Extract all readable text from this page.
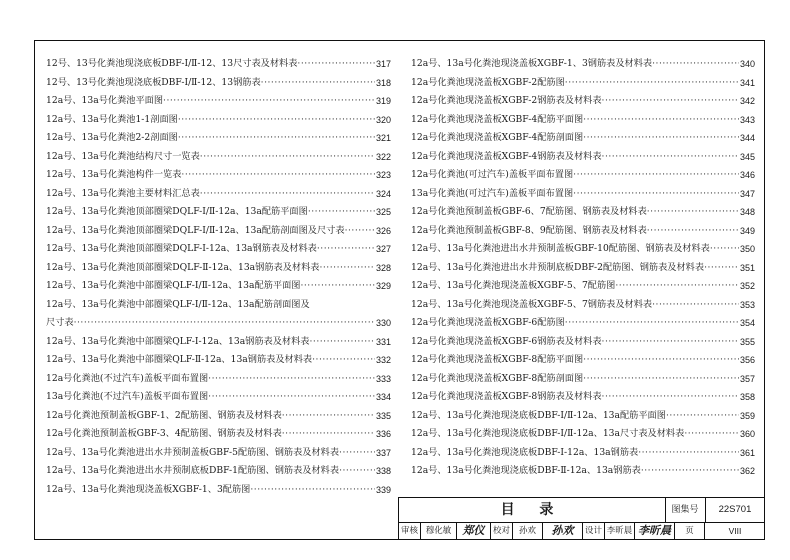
12号、13号化粪池现浇底板DBF-Ⅰ/Ⅱ-12、13尺寸表及材料表 ·····	317
12号、13号化粪池现浇底板DBF-Ⅰ/Ⅱ-12、13钢筋表 ·····	318
12a号、13a号化粪池平面图 ·····	319
12a号、13a号化粪池1-1剖面图 ·····	320
12a号、13a号化粪池2-2剖面图 ·····	321
12a号、13a号化粪池结构尺寸一览表 ·····	322
12a号、13a号化粪池构件一览表 ·····	323
12a号、13a号化粪池主要材料汇总表 ·····	324
12a号、13a号化粪池顶部圈梁DQLF-Ⅰ/Ⅱ-12a、13a配筋平面图 ·····	325
12a号、13a号化粪池顶部圈梁DQLF-Ⅰ/Ⅱ-12a、13a配筋剖面图及尺寸表 ·····	326
12a号、13a号化粪池顶部圈梁DQLF-Ⅰ-12a、13a钢筋表及材料表 ·····	327
12a号、13a号化粪池顶部圈梁DQLF-Ⅱ-12a、13a钢筋表及材料表 ·····	328
12a号、13a号化粪池中部圈梁QLF-Ⅰ/Ⅱ-12a、13a配筋平面图 ·····	329
12a号、13a号化粪池中部圈梁QLF-Ⅰ/Ⅱ-12a、13a配筋剖面图及
尺寸表 ·····	330
12a号、13a号化粪池中部圈梁QLF-Ⅰ-12a、13a钢筋表及材料表 ·····	331
12a号、13a号化粪池中部圈梁QLF-Ⅱ-12a、13a钢筋表及材料表 ·····	332
12a号化粪池(不过汽车)盖板平面布置图 ·····	333
13a号化粪池(不过汽车)盖板平面布置图 ·····	334
12a号化粪池预制盖板GBF-1、2配筋图、钢筋表及材料表 ·····	335
12a号化粪池预制盖板GBF-3、4配筋图、钢筋表及材料表 ·····	336
12a号、13a号化粪池进出水井预制盖板GBF-5配筋图、钢筋表及材料表 ·····	337
12a号、13a号化粪池进出水井预制底板DBF-1配筋图、钢筋表及材料表 ·····	338
12a号、13a号化粪池现浇盖板XGBF-1、3配筋图 ·····	339
12a号、13a号化粪池现浇盖板XGBF-1、3钢筋表及材料表 ·····	340
12a号化粪池现浇盖板XGBF-2配筋图 ·····	341
12a号化粪池现浇盖板XGBF-2钢筋表及材料表 ·····	342
12a号化粪池现浇盖板XGBF-4配筋平面图 ·····	343
12a号化粪池现浇盖板XGBF-4配筋剖面图 ·····	344
12a号化粪池现浇盖板XGBF-4钢筋表及材料表 ·····	345
12a号化粪池(可过汽车)盖板平面布置图 ·····	346
13a号化粪池(可过汽车)盖板平面布置图 ·····	347
12a号化粪池预制盖板GBF-6、7配筋图、钢筋表及材料表 ·····	348
12a号化粪池预制盖板GBF-8、9配筋图、钢筋表及材料表 ·····	349
12a号、13a号化粪池进出水井预制盖板GBF-10配筋图、钢筋表及材料表 ·····	350
12a号、13a号化粪池进出水井预制底板DBF-2配筋图、钢筋表及材料表 ·····	351
12a号、13a号化粪池现浇盖板XGBF-5、7配筋图 ·····	352
12a号、13a号化粪池现浇盖板XGBF-5、7钢筋表及材料表 ·····	353
12a号化粪池现浇盖板XGBF-6配筋图 ·····	354
12a号化粪池现浇盖板XGBF-6钢筋表及材料表 ·····	355
12a号化粪池现浇盖板XGBF-8配筋平面图 ·····	356
12a号化粪池现浇盖板XGBF-8配筋剖面图 ·····	357
12a号化粪池现浇盖板XGBF-8钢筋表及材料表 ·····	358
12a号、13a号化粪池现浇底板DBF-Ⅰ/Ⅱ-12a、13a配筋平面图 ·····	359
12a号、13a号化粪池现浇底板DBF-Ⅰ/Ⅱ-12a、13a尺寸表及材料表 ·····	360
12a号、13a号化粪池现浇底板DBF-Ⅰ-12a、13a钢筋表 ·····	361
12a号、13a号化粪池现浇底板DBF-Ⅱ-12a、13a钢筋表 ·····	362
目 录	图集号	22S701
审核 穆化敏	郑仪 校对	孙欢	孙欢	设计 李昕晨 李昕晨	页	VIII
